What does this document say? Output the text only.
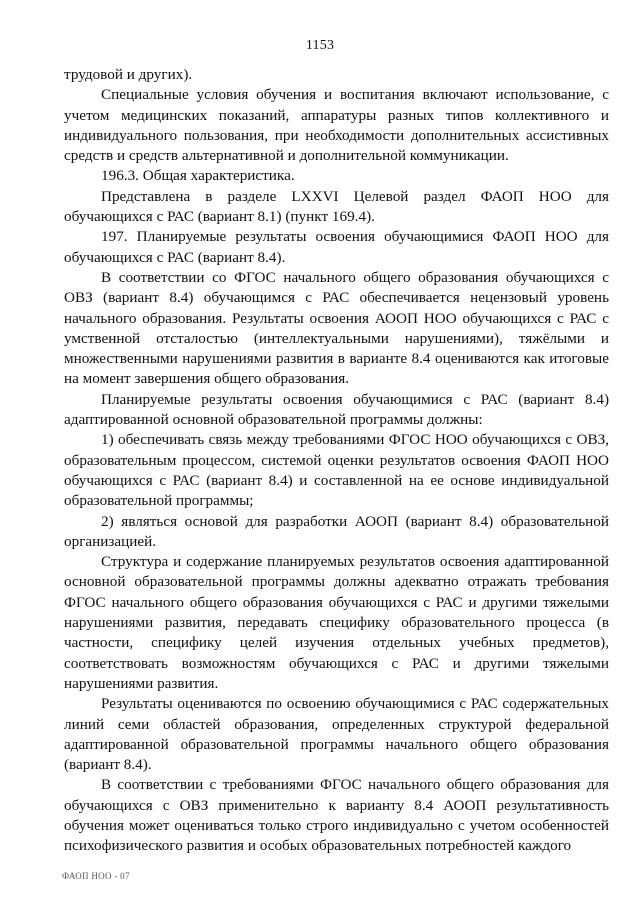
1153

трудовой и других).

Специальные условия обучения и воспитания включают использование, с учетом медицинских показаний, аппаратуры разных типов коллективного и индивидуального пользования, при необходимости дополнительных ассистивных средств и средств альтернативной и дополнительной коммуникации.

196.3. Общая характеристика.

Представлена в разделе LXXVI Целевой раздел ФАОП НОО для обучающихся с РАС (вариант 8.1) (пункт 169.4).

197. Планируемые результаты освоения обучающимися ФАОП НОО для обучающихся с РАС (вариант 8.4).

В соответствии со ФГОС начального общего образования обучающихся с ОВЗ (вариант 8.4) обучающимся с РАС обеспечивается нецензовый уровень начального образования. Результаты освоения АООП НОО обучающихся с РАС с умственной отсталостью (интеллектуальными нарушениями), тяжёлыми и множественными нарушениями развития в варианте 8.4 оцениваются как итоговые на момент завершения общего образования.

Планируемые результаты освоения обучающимися с РАС (вариант 8.4) адаптированной основной образовательной программы должны:

1) обеспечивать связь между требованиями ФГОС НОО обучающихся с ОВЗ, образовательным процессом, системой оценки результатов освоения ФАОП НОО обучающихся с РАС (вариант 8.4) и составленной на ее основе индивидуальной образовательной программы;

2) являться основой для разработки АООП (вариант 8.4) образовательной организацией.

Структура и содержание планируемых результатов освоения адаптированной основной образовательной программы должны адекватно отражать требования ФГОС начального общего образования обучающихся с РАС и другими тяжелыми нарушениями развития, передавать специфику образовательного процесса (в частности, специфику целей изучения отдельных учебных предметов), соответствовать возможностям обучающихся с РАС и другими тяжелыми нарушениями развития.

Результаты оцениваются по освоению обучающимися с РАС содержательных линий семи областей образования, определенных структурой федеральной адаптированной образовательной программы начального общего образования (вариант 8.4).

В соответствии с требованиями ФГОС начального общего образования для обучающихся с ОВЗ применительно к варианту 8.4 АООП результативность обучения может оцениваться только строго индивидуально с учетом особенностей психофизического развития и особых образовательных потребностей каждого

ФАОП НОО - 07
